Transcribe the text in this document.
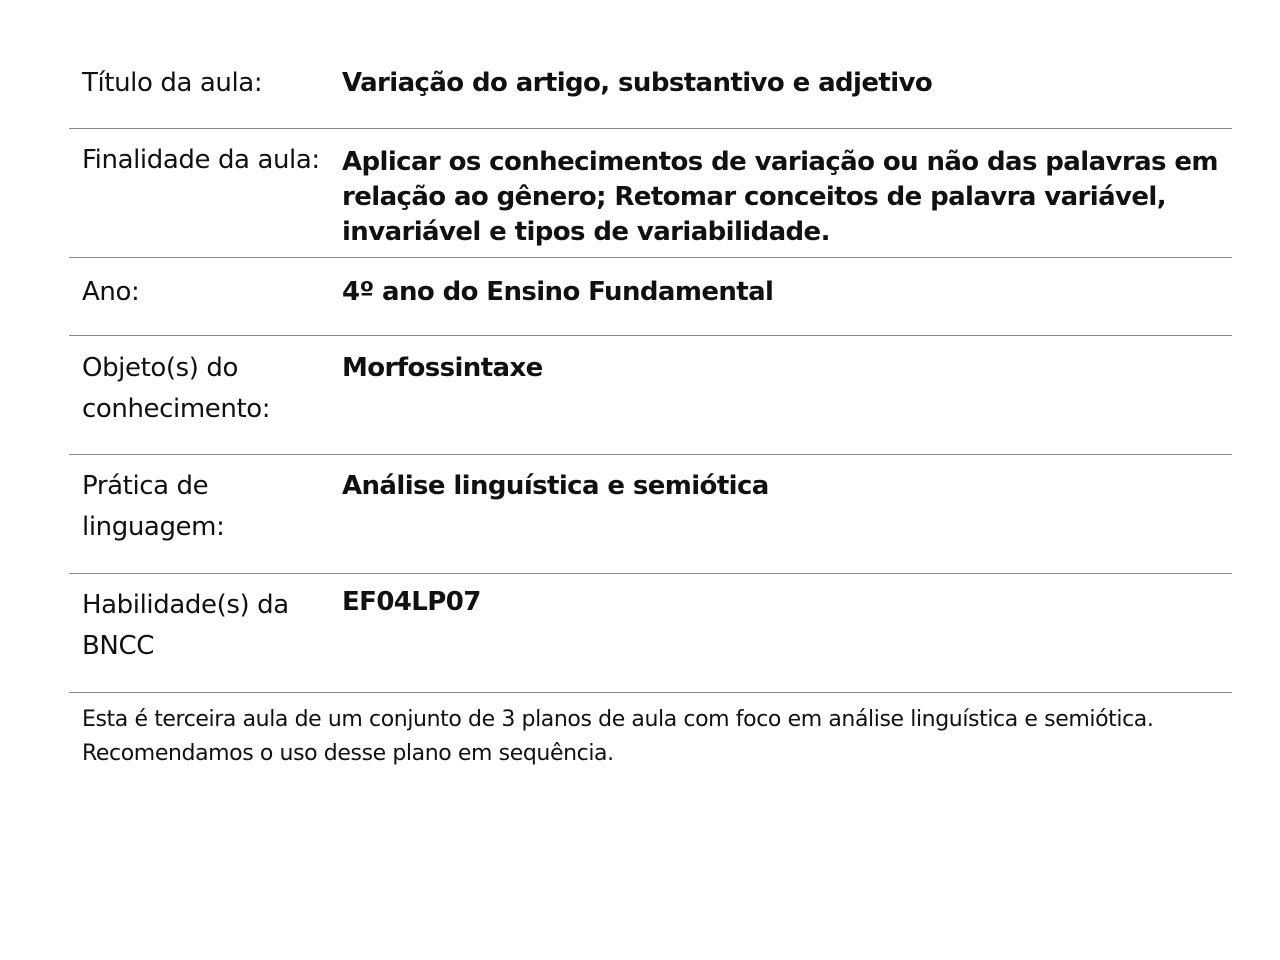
Título da aula:	Variação do artigo, substantivo e adjetivo
Finalidade da aula: Aplicar os conhecimentos de variação ou não das palavras em relação ao gênero; Retomar conceitos de palavra variável, invariável e tipos de variabilidade.
Ano:	4º ano do Ensino Fundamental
Objeto(s) do conhecimento:
Morfossintaxe
Prática de linguagem:
Análise linguística e semiótica
Habilidade(s) da BNCC
EF04LP07
Esta é terceira aula de um conjunto de 3 planos de aula com foco em análise linguística e semiótica. Recomendamos o uso desse plano em sequência.
